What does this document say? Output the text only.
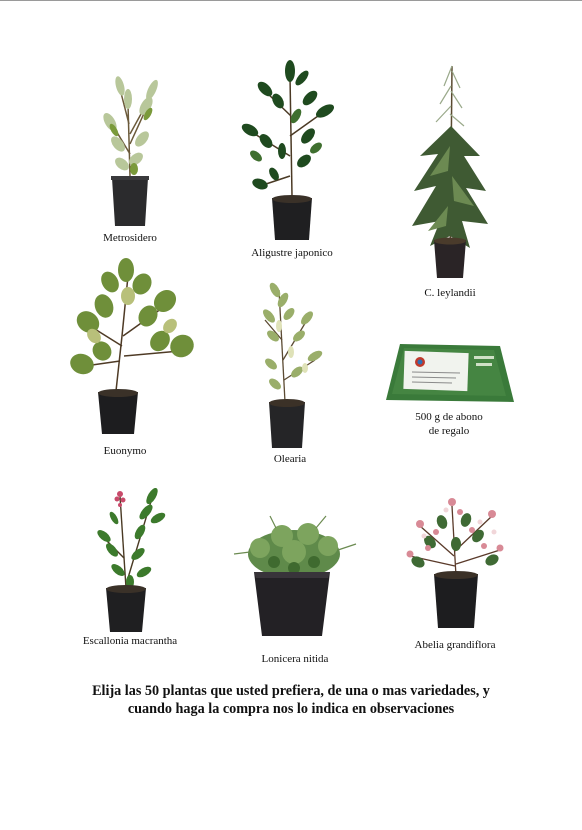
Metrosidero
Aligustre japonico
C. leylandii
Euonymo
Olearia
500 g de abono
de regalo
Escallonia macrantha
Lonicera nitida
Abelia grandiflora
Elija las 50 plantas que usted prefiera, de una o mas variedades, y
cuando haga la compra nos lo indica en observaciones
